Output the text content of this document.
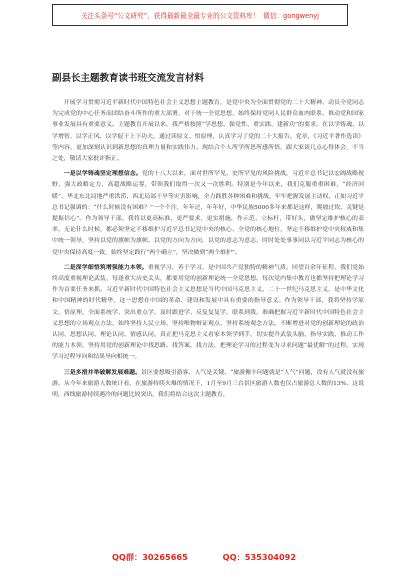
关注头条号“公文研究”，获得最新最全最专业的公文资料库！ 微信：gongwenyj
副县长主题教育读书班交流发言材料

开展学习贯彻习近平新时代中国特色社会主义思想主题教育，是党中央为全面贯彻党的二十大精神、动员全党同志为完成党的中心任务而团结奋斗所作的重大部署，对于统一全党思想，始终保持党同人民群众血肉联系、推动党和国家事业发展具有重要意义。主题教育开展以来，我严格按照“学思想、强党性、重实践、建新功”的要求，在以学铸魂、以学增智、以学正风、以学促干上下功夫，通过读原文、悟原理，认真学习了党的二十大报告、党章、《习近平著作选读》等内容，更加深刻认识到新思想的真理力量和实践伟力。现结合个人所学所思所感所悟，跟大家谈几点心得体会，不当之处，敬请大家批评指正。

一是以学铸魂坚定理想信念。党的十八大以来，面对世所罕见、史所罕见的风险挑战，习近平总书记以宏阔战略视野、强大政略定力、高超战略运筹，带领我们取得一次又一次胜利。特别是今年以来，我们克服重重困难，“经济回暖”、华北东北局地严重洪涝、西北局部干旱等灾害影响，全力践胜各种困难和挑战，牢牢把握发展主动权，正如习近平总书记强调的：“什么时候没有困难？”一个个注，年年过，年年好，中华民族5000多年来都是这样，爬坡过坎，关键是提振信心”。作为领导干部，我将以更高标准、更严要求、更实措施，作示范、立标杆，带好头，做坚定维护核心的表率，无论什么时候，都必须坚定不移维护习近平总书记党中央的核心、全党的核心地位，坚定不移维护党中央权威和集中统一领导，坚持以党的旗帜为旗帜、以党的方向为方向，以党的意志为意志，时时处处事事同以习近平同志为核心的党中央保持高度一致，始终坚定践行“两个确立”，坚决做到“两个维护”。

二是深学细悟筑增强能力本领。重视学习，善于学习，是中国共产党独特的精神气质。回望百余年征程，我们党始终高度重视理论武装，每逢重大历史关头，都要用党的创新理论统一全党思想。每次党内集中教育也都坚持把理论学习作为首要任务来抓。习近平新时代中国特色社会主义思想是当代中国马克思主义、二十一世纪马克思主义，是中华文化和中国精神的时代精华，这一思想在中国的革命、建设和发展中具有重要的指导意义。作为领导干部，我将坚持学原文、悟原理，全面系统学、突出重点学、及时跟进学、反复复复学、联系到我，准确把握习近平新时代中国特色社会主义思想的立场观点方法，始终坚持人民立场、坚持唯物辩证观点、坚持系统观念方法，不断增进对党的创新理论的政治认同、思想认同、理论认同、情感认同，真正把马克思主义看家本领学到手，切实提升武装头脑、指导实践、推动工作的能力本领，坚持用党的创新理论中找思路、找答案、找方法，把理论学习的过程变为寻求问题“最优解”的过程，实现学习过程导向和结果导向相统一。

三是多措并举破解发展难题。景区要想吸引游客，人气是关键，“旅游搬丰问题就是“人气”问题，没有人气就没有旅游。从今年来旅游人数统计看，在旅游持续火爆的情况下，1月至9月三台景区旅游人数也仅占旅游总人数的13%，这说明，西线旅游持续遇冷的问题比较突出，我们将结合这次主题教育，

QQ群：30265665	QQ：535304092
